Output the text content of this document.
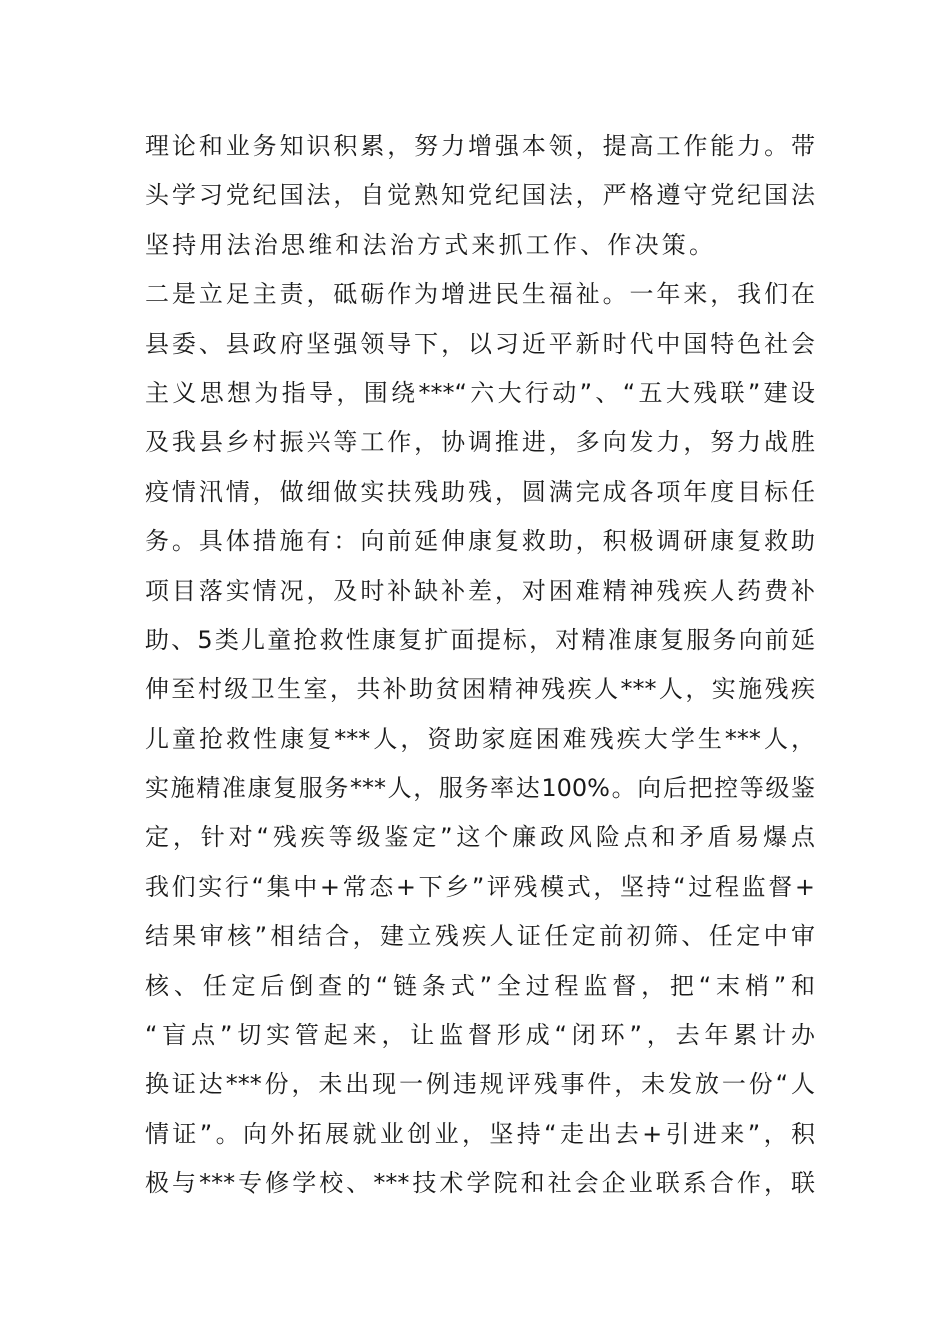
理论和业务知识积累，努力增强本领，提高工作能力。带
头学习党纪国法，自觉熟知党纪国法，严格遵守党纪国法
坚持用法治思维和法治方式来抓工作、作决策。
二是立足主责，砥砺作为增进民生福祉。一年来，我们在
县委、县政府坚强领导下，以习近平新时代中国特色社会
主义思想为指导，围绕***“六大行动”、“五大残联”建设
及我县乡村振兴等工作，协调推进，多向发力，努力战胜
疫情汛情，做细做实扶残助残，圆满完成各项年度目标任
务。具体措施有：向前延伸康复救助，积极调研康复救助
项目落实情况，及时补缺补差，对困难精神残疾人药费补
助、5类儿童抢救性康复扩面提标，对精准康复服务向前延
伸至村级卫生室，共补助贫困精神残疾人***人，实施残疾
儿童抢救性康复***人，资助家庭困难残疾大学生***人，
实施精准康复服务***人，服务率达100%。向后把控等级鉴
定，针对“残疾等级鉴定”这个廉政风险点和矛盾易爆点
我们实行“集中+常态+下乡”评残模式，坚持“过程监督+
结果审核”相结合，建立残疾人证任定前初筛、任定中审
核、任定后倒查的“链条式”全过程监督，把“末梢”和
“盲点”切实管起来，让监督形成“闭环”，去年累计办
换证达***份，未出现一例违规评残事件，未发放一份“人
情证”。向外拓展就业创业，坚持“走出去+引进来”，积
极与***专修学校、***技术学院和社会企业联系合作，联
